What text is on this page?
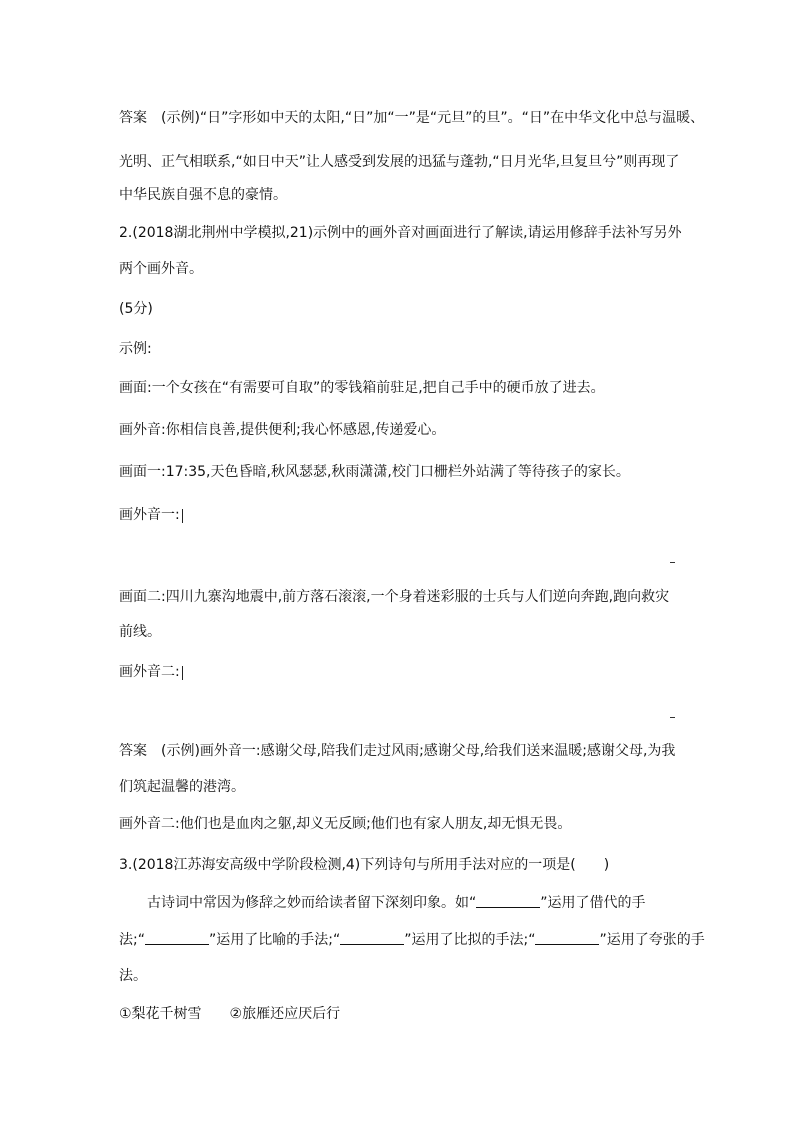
答案　(示例)“日”字形如中天的太阳,“日”加“一”是“元旦”的旦”。“日”在中华文化中总与温暖、
光明、正气相联系,“如日中天”让人感受到发展的迅猛与蓬勃,“日月光华,旦复旦兮”则再现了
中华民族自强不息的豪情。
2.(2018湖北荆州中学模拟,21)示例中的画外音对画面进行了解读,请运用修辞手法补写另外
两个画外音。
(5分)
示例:
画面:一个女孩在“有需要可自取”的零钱箱前驻足,把自己手中的硬币放了进去。
画外音:你相信良善,提供便利;我心怀感恩,传递爱心。
画面一:17:35,天色昏暗,秋风瑟瑟,秋雨潇潇,校门口栅栏外站满了等待孩子的家长。
画外音一:
画面二:四川九寨沟地震中,前方落石滚滚,一个身着迷彩服的士兵与人们逆向奔跑,跑向救灾
前线。
画外音二:
答案　(示例)画外音一:感谢父母,陪我们走过风雨;感谢父母,给我们送来温暖;感谢父母,为我
们筑起温馨的港湾。
画外音二:他们也是血肉之躯,却义无反顾;他们也有家人朋友,却无惧无畏。
3.(2018江苏海安高级中学阶段检测,4)下列诗句与所用手法对应的一项是(　　)
古诗词中常因为修辞之妙而给读者留下深刻印象。如“	”运用了借代的手
法;“	”运用了比喻的手法;“	”运用了比拟的手法;“	”运用了夸张的手
法。
①梨花千树雪　　②旅雁还应厌后行
